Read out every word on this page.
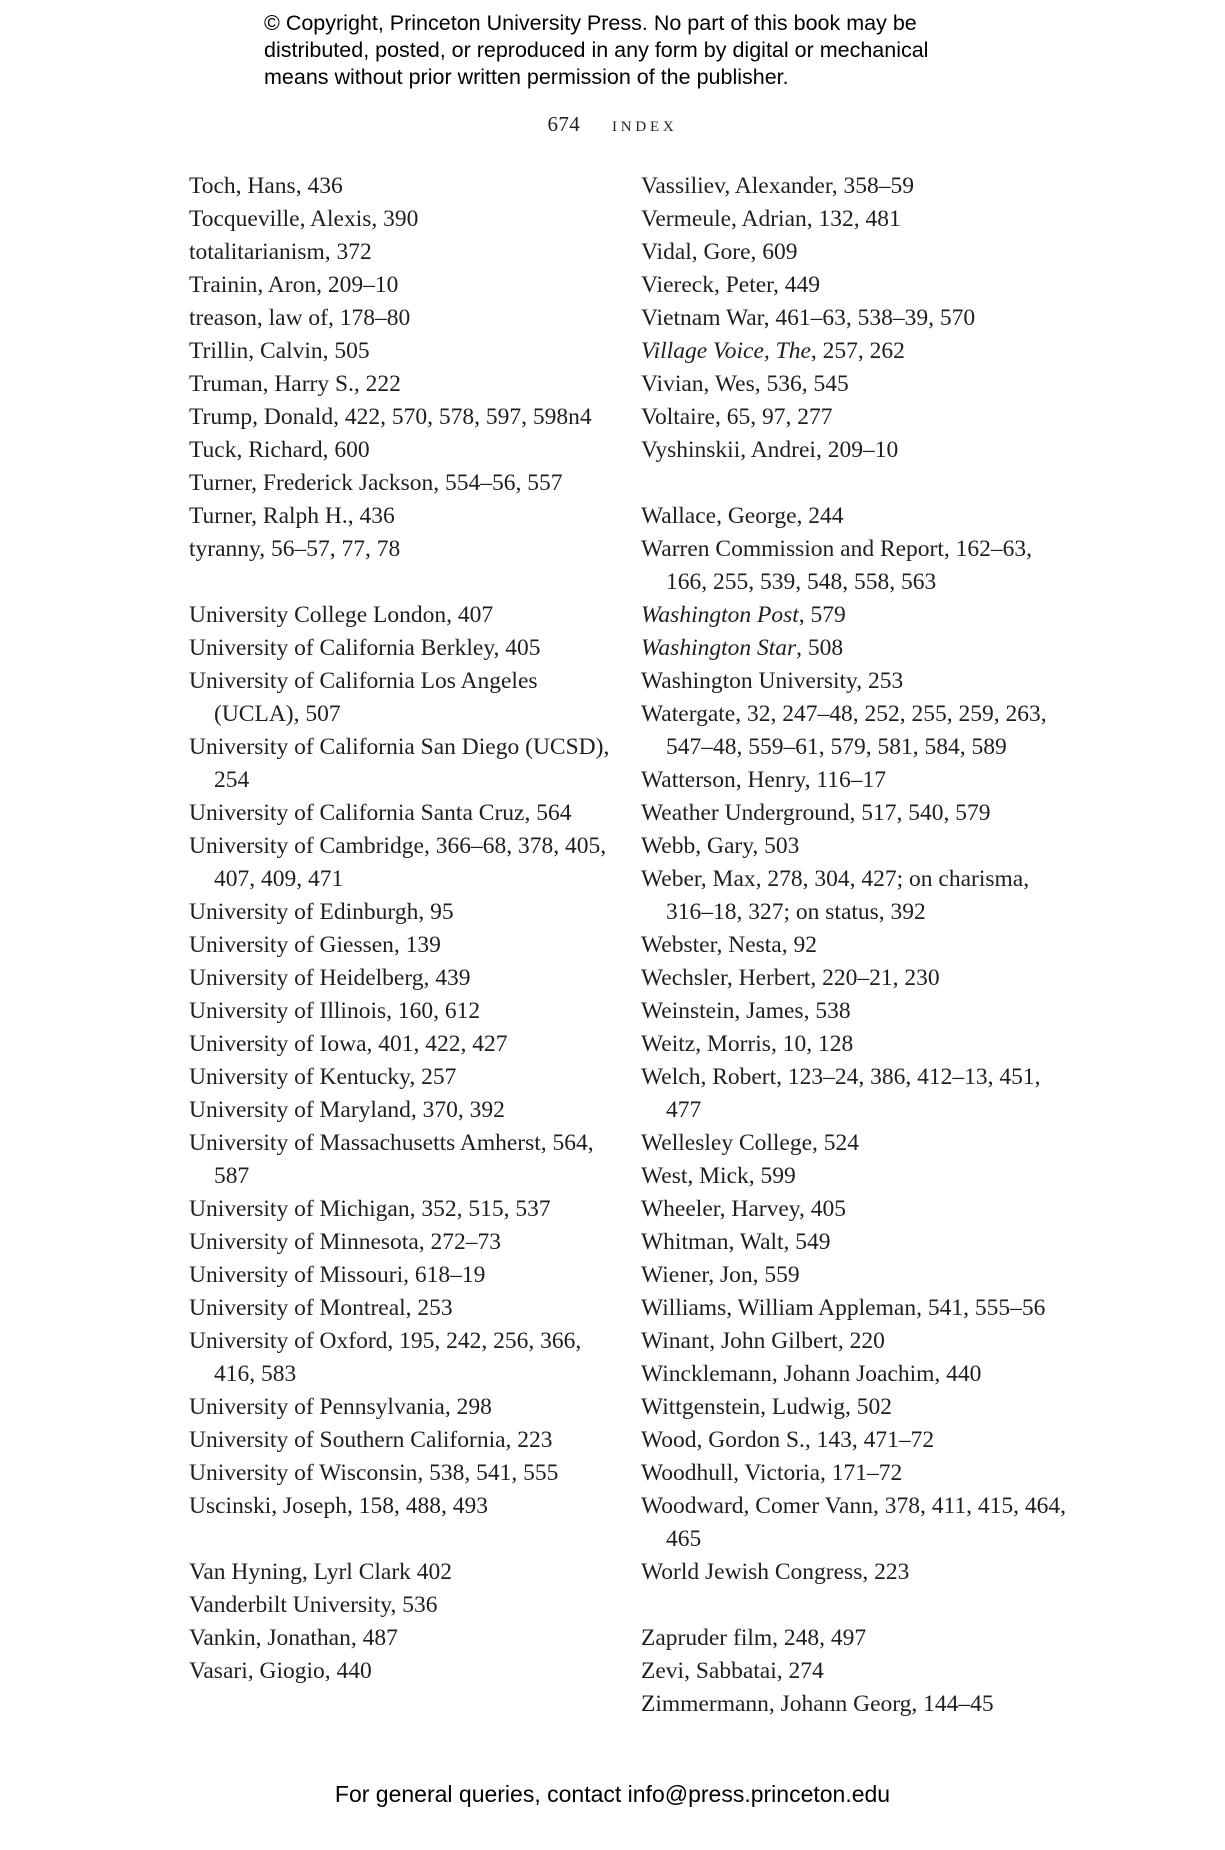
© Copyright, Princeton University Press. No part of this book may be
distributed, posted, or reproduced in any form by digital or mechanical
means without prior written permission of the publisher.
674 index
Toch, Hans, 436
Tocqueville, Alexis, 390
totalitarianism, 372
Trainin, Aron, 209–10
treason, law of, 178–80
Trillin, Calvin, 505
Truman, Harry S., 222
Trump, Donald, 422, 570, 578, 597, 598n4
Tuck, Richard, 600
Turner, Frederick Jackson, 554–56, 557
Turner, Ralph H., 436
tyranny, 56–57, 77, 78
University College London, 407
University of California Berkley, 405
University of California Los Angeles (UCLA), 507
University of California San Diego (UCSD), 254
University of California Santa Cruz, 564
University of Cambridge, 366–68, 378, 405, 407, 409, 471
University of Edinburgh, 95
University of Giessen, 139
University of Heidelberg, 439
University of Illinois, 160, 612
University of Iowa, 401, 422, 427
University of Kentucky, 257
University of Maryland, 370, 392
University of Massachusetts Amherst, 564, 587
University of Michigan, 352, 515, 537
University of Minnesota, 272–73
University of Missouri, 618–19
University of Montreal, 253
University of Oxford, 195, 242, 256, 366, 416, 583
University of Pennsylvania, 298
University of Southern California, 223
University of Wisconsin, 538, 541, 555
Uscinski, Joseph, 158, 488, 493
Van Hyning, Lyrl Clark 402
Vanderbilt University, 536
Vankin, Jonathan, 487
Vasari, Giogio, 440
Vassiliev, Alexander, 358–59
Vermeule, Adrian, 132, 481
Vidal, Gore, 609
Viereck, Peter, 449
Vietnam War, 461–63, 538–39, 570
Village Voice, The, 257, 262
Vivian, Wes, 536, 545
Voltaire, 65, 97, 277
Vyshinskii, Andrei, 209–10
Wallace, George, 244
Warren Commission and Report, 162–63, 166, 255, 539, 548, 558, 563
Washington Post, 579
Washington Star, 508
Washington University, 253
Watergate, 32, 247–48, 252, 255, 259, 263, 547–48, 559–61, 579, 581, 584, 589
Watterson, Henry, 116–17
Weather Underground, 517, 540, 579
Webb, Gary, 503
Weber, Max, 278, 304, 427; on charisma, 316–18, 327; on status, 392
Webster, Nesta, 92
Wechsler, Herbert, 220–21, 230
Weinstein, James, 538
Weitz, Morris, 10, 128
Welch, Robert, 123–24, 386, 412–13, 451, 477
Wellesley College, 524
West, Mick, 599
Wheeler, Harvey, 405
Whitman, Walt, 549
Wiener, Jon, 559
Williams, William Appleman, 541, 555–56
Winant, John Gilbert, 220
Wincklemann, Johann Joachim, 440
Wittgenstein, Ludwig, 502
Wood, Gordon S., 143, 471–72
Woodhull, Victoria, 171–72
Woodward, Comer Vann, 378, 411, 415, 464, 465
World Jewish Congress, 223
Zapruder film, 248, 497
Zevi, Sabbatai, 274
Zimmermann, Johann Georg, 144–45
For general queries, contact info@press.princeton.edu
